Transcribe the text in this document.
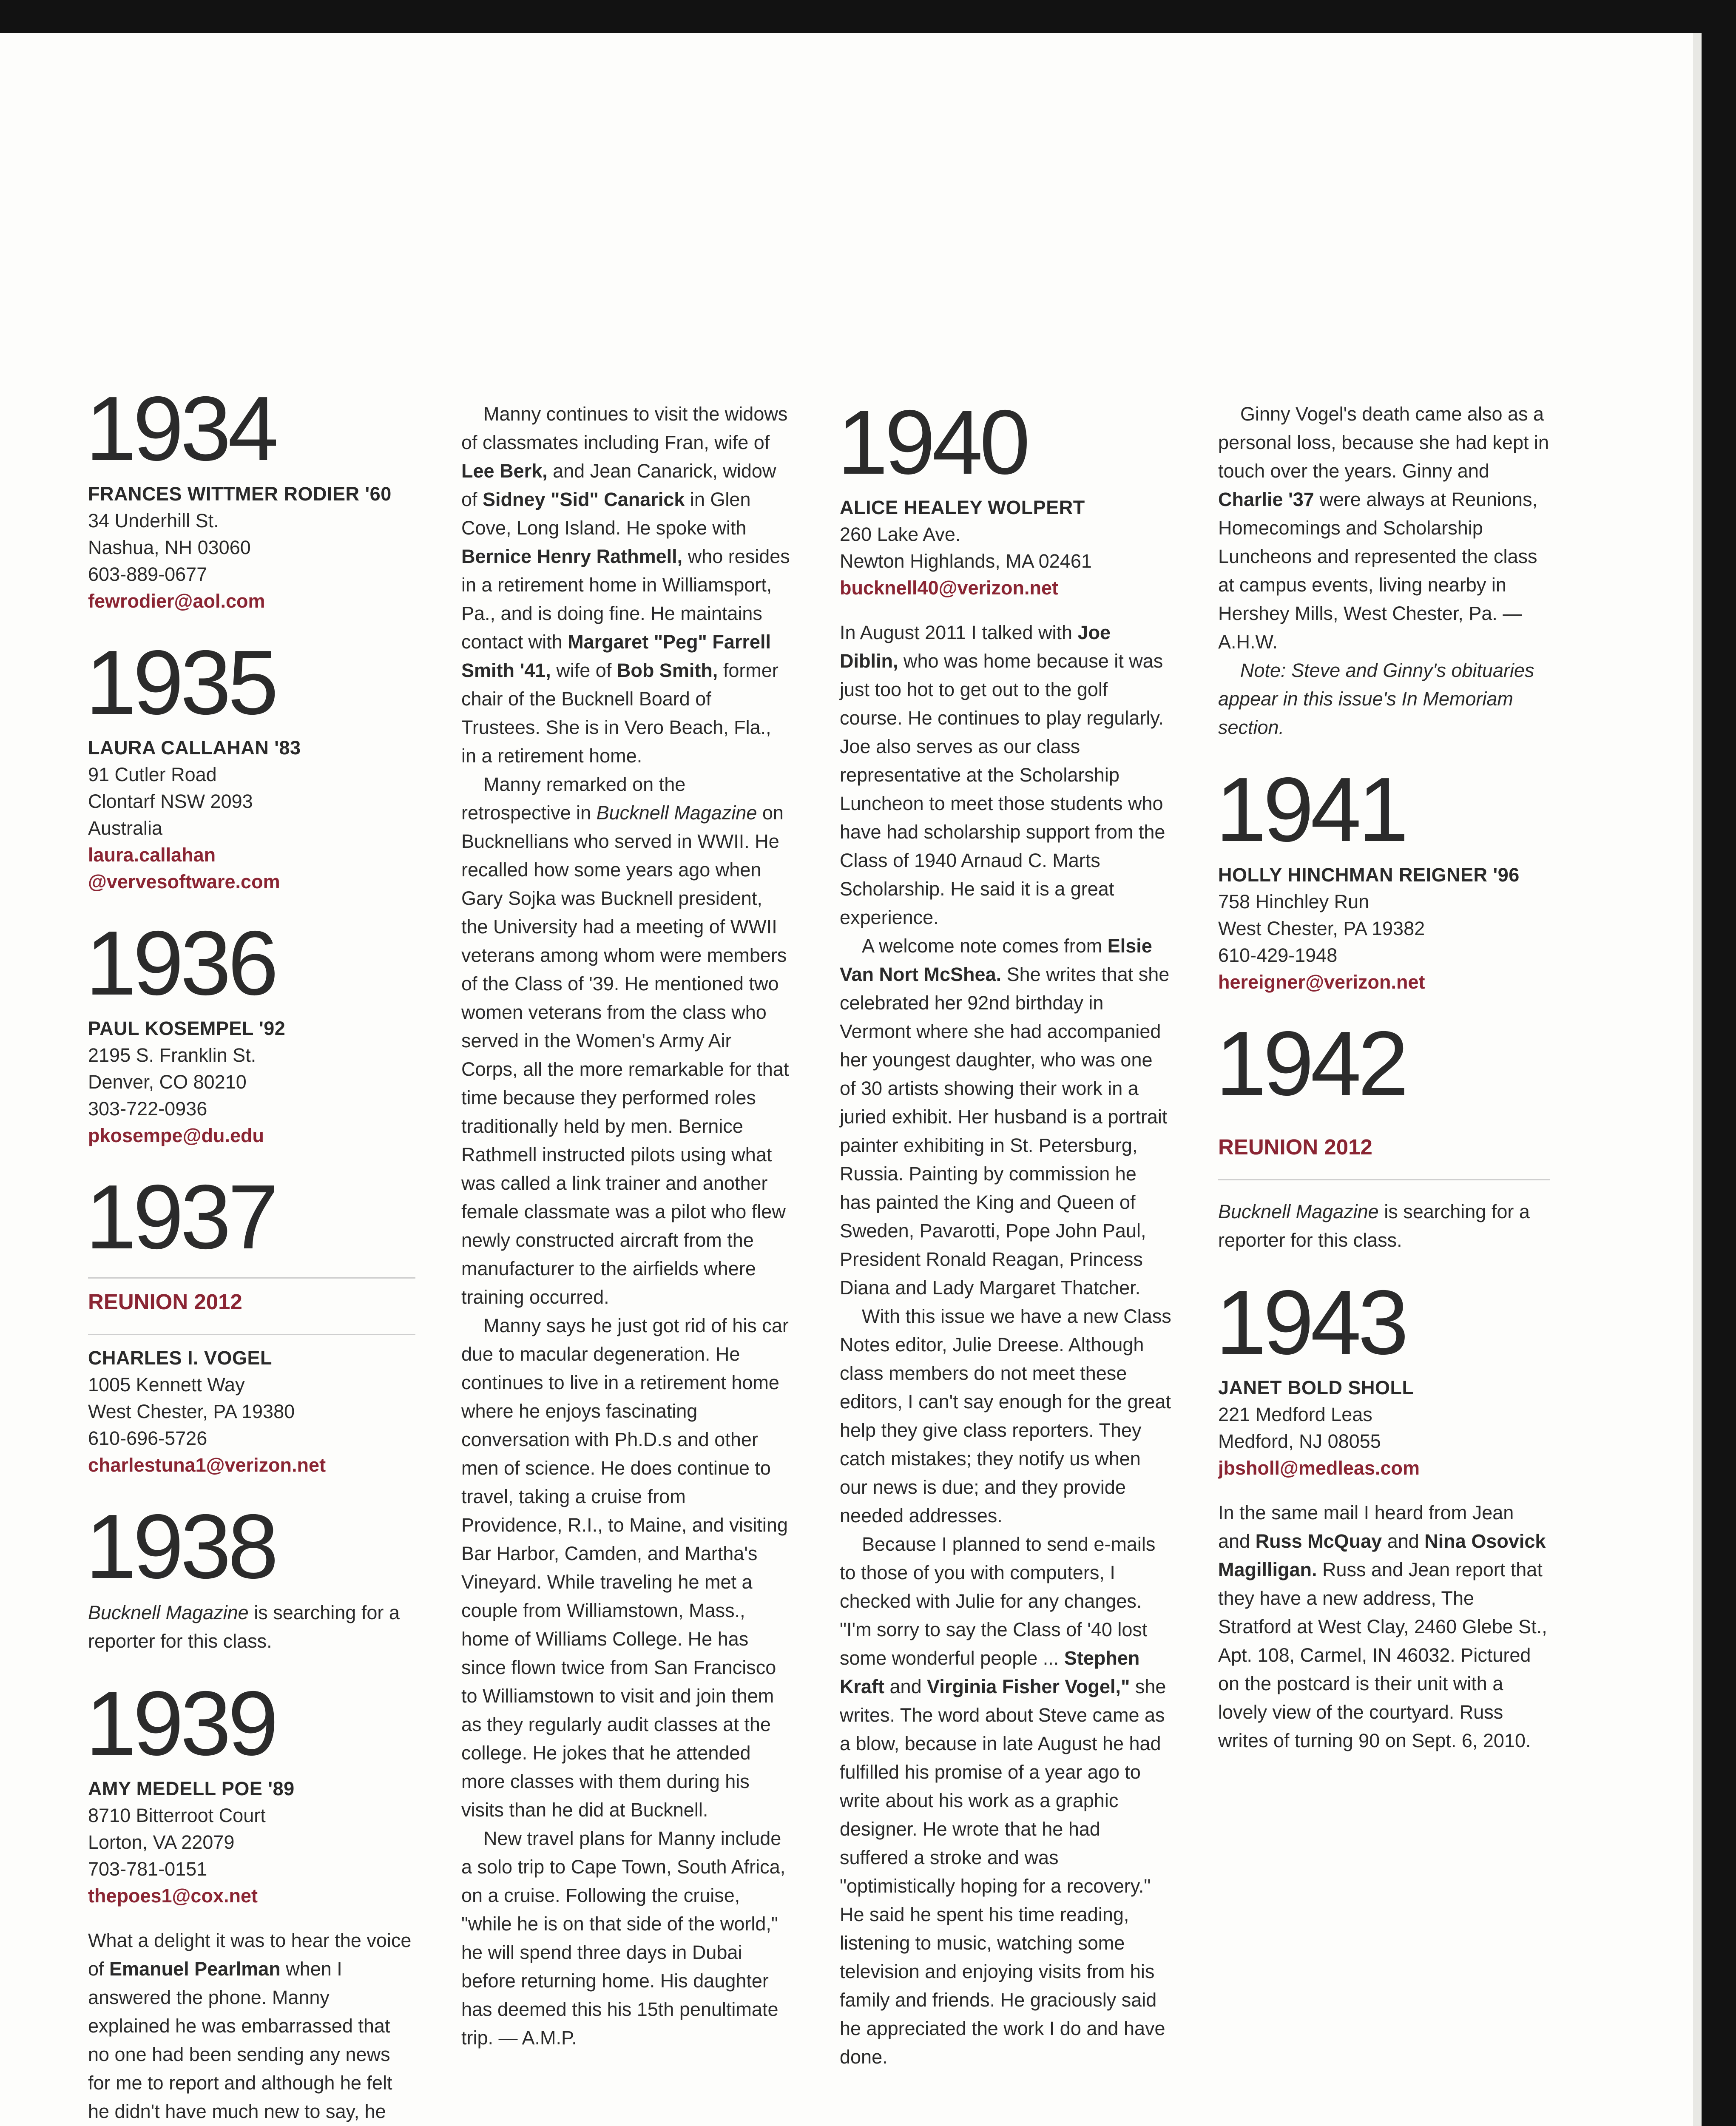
1934
FRANCES WITTMER RODIER '60
34 Underhill St.
Nashua, NH 03060
603-889-0677
fewrodier@aol.com
1935
LAURA CALLAHAN '83
91 Cutler Road
Clontarf NSW 2093
Australia
laura.callahan
@vervesoftware.com
1936
PAUL KOSEMPEL '92
2195 S. Franklin St.
Denver, CO 80210
303-722-0936
pkosempe@du.edu
1937
REUNION 2012
CHARLES I. VOGEL
1005 Kennett Way
West Chester, PA 19380
610-696-5726
charlestuna1@verizon.net
1938

Bucknell Magazine is searching for a reporter for this class.

1939
AMY MEDELL POE '89
8710 Bitterroot Court
Lorton, VA 22079
703-781-0151
thepoes1@cox.net

What a delight it was to hear the voice of Emanuel Pearlman when I answered the phone. Manny explained he was embarrassed that no one had been sending any news for me to report and although he felt he didn't have much new to say, he

Manny continues to visit the widows of classmates including Fran, wife of Lee Berk, and Jean Canarick, widow of Sidney "Sid" Canarick in Glen Cove, Long Island. He spoke with Bernice Henry Rathmell, who resides in a retirement home in Williamsport, Pa., and is doing fine. He maintains contact with Margaret "Peg" Farrell Smith '41, wife of Bob Smith, former chair of the Bucknell Board of Trustees. She is in Vero Beach, Fla., in a retirement home.

Manny remarked on the retrospective in Bucknell Magazine on Bucknellians who served in WWII. He recalled how some years ago when Gary Sojka was Bucknell president, the University had a meeting of WWII veterans among whom were members of the Class of '39. He mentioned two women veterans from the class who served in the Women's Army Air Corps, all the more remarkable for that time because they performed roles traditionally held by men. Bernice Rathmell instructed pilots using what was called a link trainer and another female classmate was a pilot who flew newly constructed aircraft from the manufacturer to the airfields where training occurred.

Manny says he just got rid of his car due to macular degeneration. He continues to live in a retirement home where he enjoys fascinating conversation with Ph.D.s and other men of science. He does continue to travel, taking a cruise from Providence, R.I., to Maine, and visiting Bar Harbor, Camden, and Martha's Vineyard. While traveling he met a couple from Williamstown, Mass., home of Williams College. He has since flown twice from San Francisco to Williamstown to visit and join them as they regularly audit classes at the college. He jokes that he attended more classes with them during his visits than he did at Bucknell.

New travel plans for Manny include a solo trip to Cape Town, South Africa, on a cruise. Following the cruise, "while he is on that side of the world," he will spend three days in Dubai before returning home. His daughter has deemed this his 15th penultimate trip. — A.M.P.

1940
ALICE HEALEY WOLPERT
260 Lake Ave.
Newton Highlands, MA 02461
bucknell40@verizon.net

In August 2011 I talked with Joe Diblin, who was home because it was just too hot to get out to the golf course. He continues to play regularly. Joe also serves as our class representative at the Scholarship Luncheon to meet those students who have had scholarship support from the Class of 1940 Arnaud C. Marts Scholarship. He said it is a great experience.

A welcome note comes from Elsie Van Nort McShea. She writes that she celebrated her 92nd birthday in Vermont where she had accompanied her youngest daughter, who was one of 30 artists showing their work in a juried exhibit. Her husband is a portrait painter exhibiting in St. Petersburg, Russia. Painting by commission he has painted the King and Queen of Sweden, Pavarotti, Pope John Paul, President Ronald Reagan, Princess Diana and Lady Margaret Thatcher.

With this issue we have a new Class Notes editor, Julie Dreese. Although class members do not meet these editors, I can't say enough for the great help they give class reporters. They catch mistakes; they notify us when our news is due; and they provide needed addresses.

Because I planned to send e-mails to those of you with computers, I checked with Julie for any changes. "I'm sorry to say the Class of '40 lost some wonderful people ... Stephen Kraft and Virginia Fisher Vogel," she writes. The word about Steve came as a blow, because in late August he had fulfilled his promise of a year ago to write about his work as a graphic designer. He wrote that he had suffered a stroke and was "optimistically hoping for a recovery." He said he spent his time reading, listening to music, watching some television and enjoying visits from his family and friends. He graciously said he appreciated the work I do and have done.

Ginny Vogel's death came also as a personal loss, because she had kept in touch over the years. Ginny and Charlie '37 were always at Reunions, Homecomings and Scholarship Luncheons and represented the class at campus events, living nearby in Hershey Mills, West Chester, Pa. — A.H.W.

Note: Steve and Ginny's obituaries appear in this issue's In Memoriam section.

1941
HOLLY HINCHMAN REIGNER '96
758 Hinchley Run
West Chester, PA 19382
610-429-1948
hereigner@verizon.net
1942
REUNION 2012

Bucknell Magazine is searching for a reporter for this class.

1943
JANET BOLD SHOLL
221 Medford Leas
Medford, NJ 08055
jbsholl@medleas.com

In the same mail I heard from Jean and Russ McQuay and Nina Osovick Magilligan. Russ and Jean report that they have a new address, The Stratford at West Clay, 2460 Glebe St., Apt. 108, Carmel, IN 46032. Pictured on the postcard is their unit with a lovely view of the courtyard. Russ writes of turning 90 on Sept. 6, 2010.
